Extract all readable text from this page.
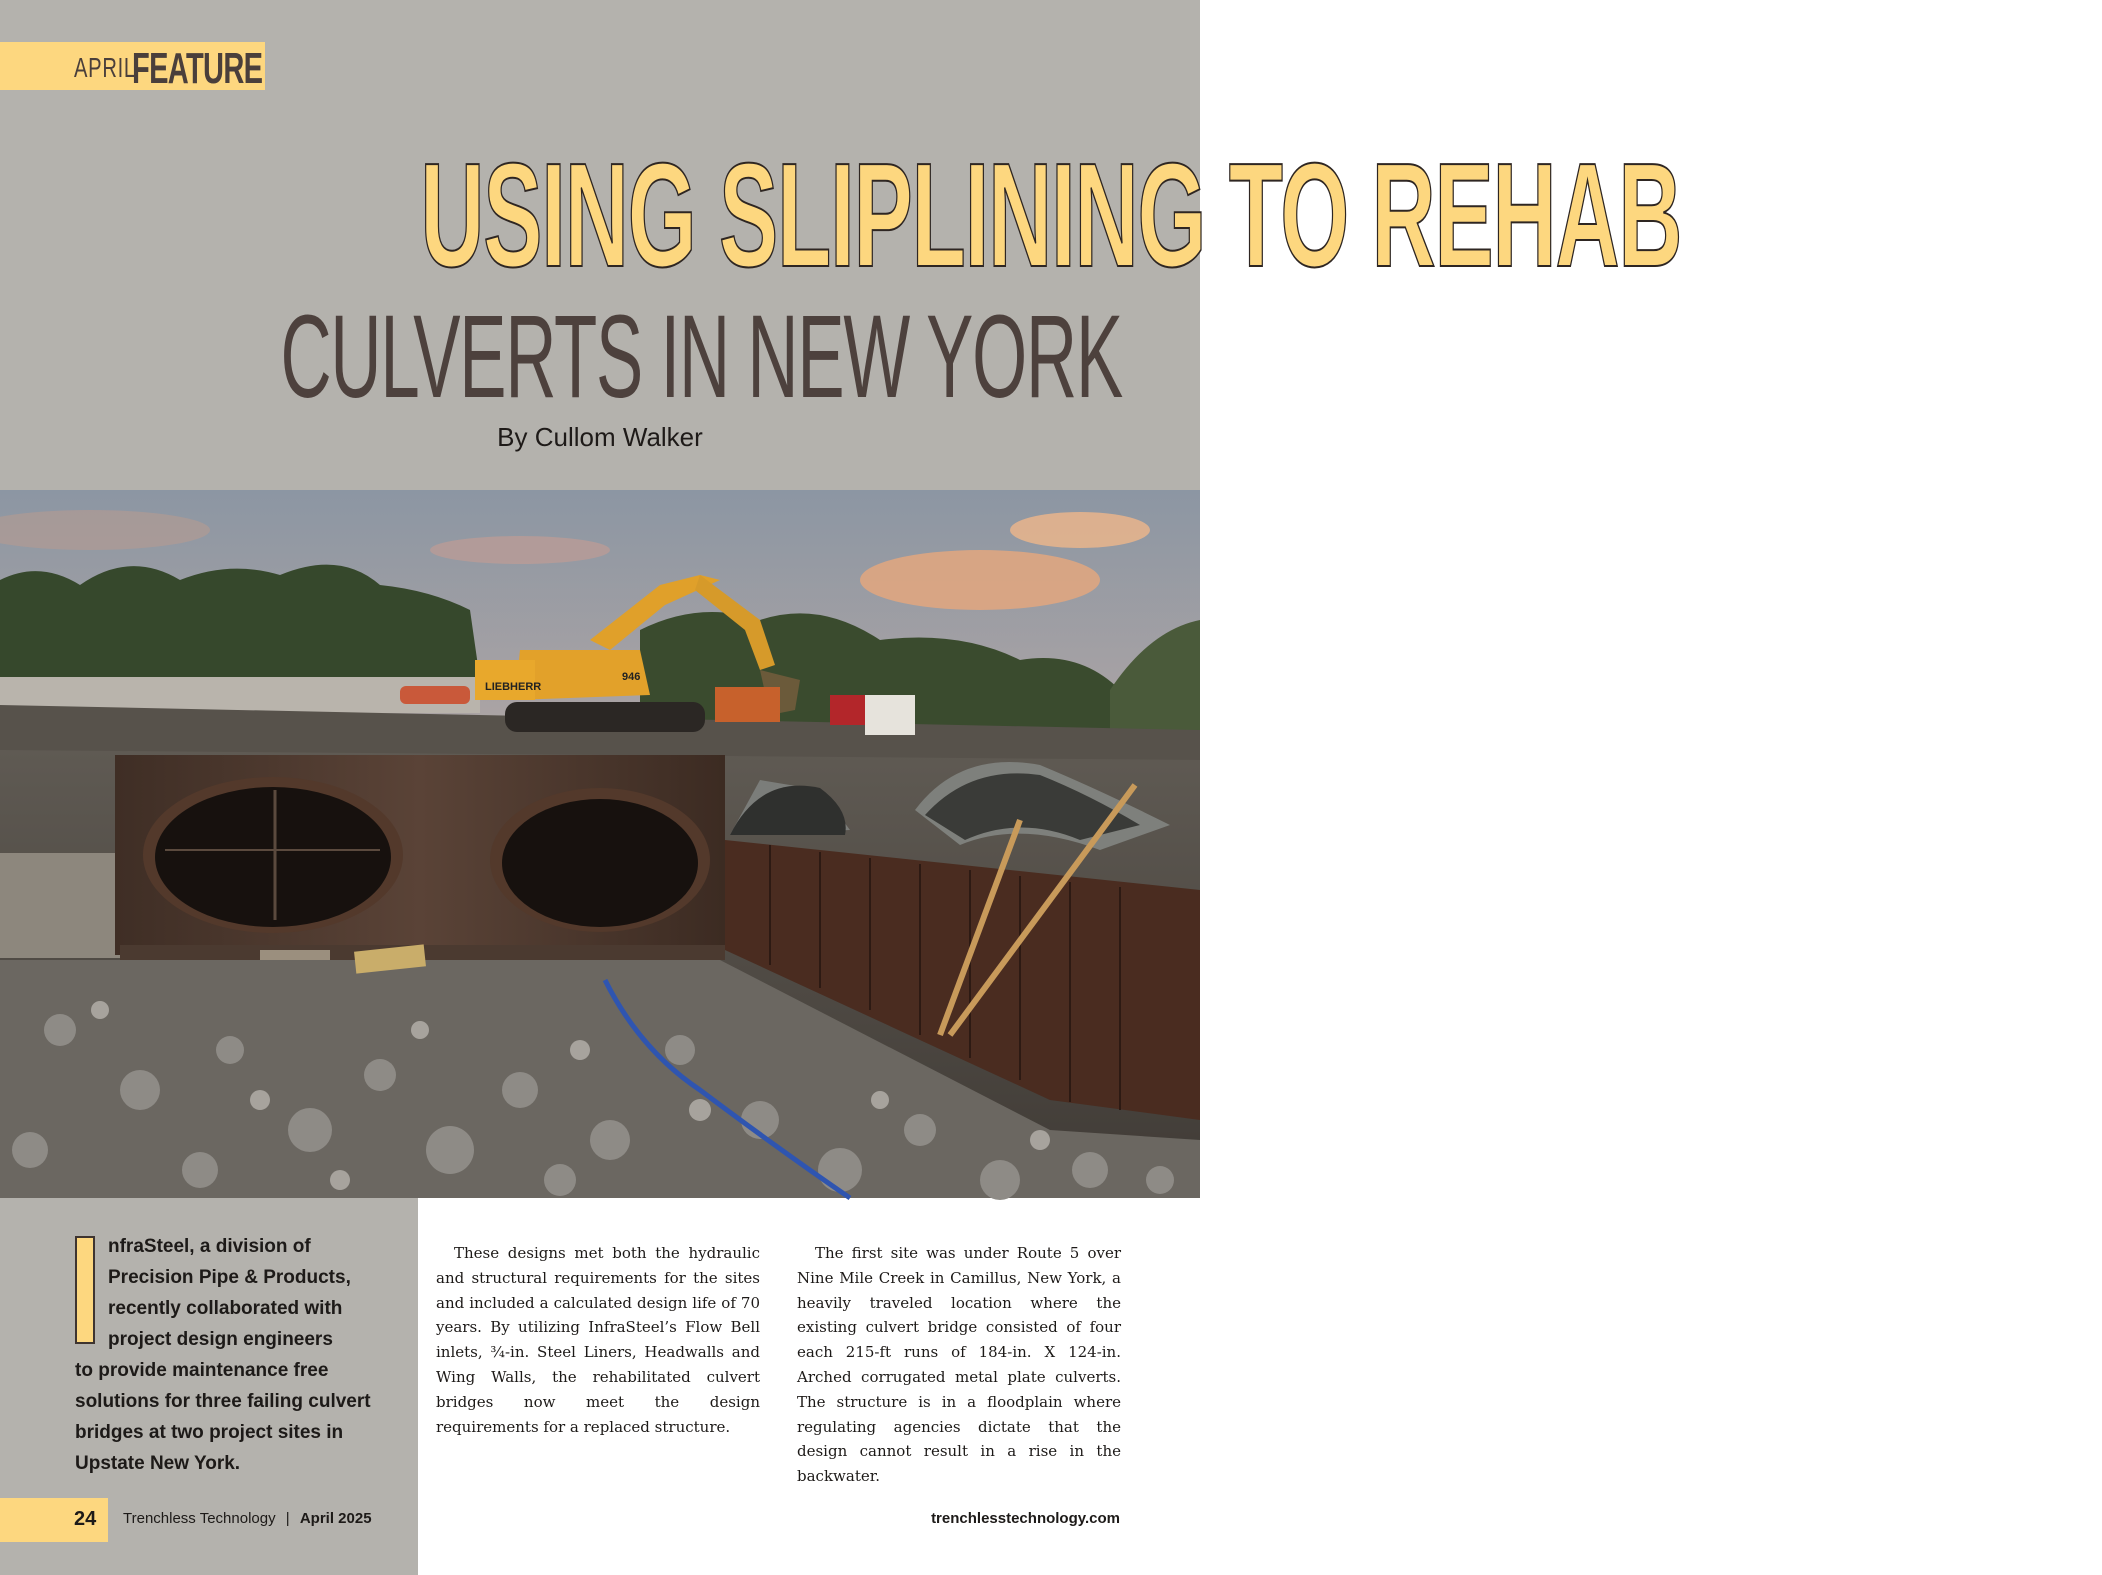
APRIL
FEATURE
USING SLIPLINING TO REHAB
CULVERTS IN NEW YORK
By Cullom Walker
LIEBHERR
946
nfraSteel, a division of
Precision Pipe & Products,
recently collaborated with
project design engineers
to provide maintenance free
solutions for three failing culvert
bridges at two project sites in
Upstate New York.

These designs met both the hydraulic and structural requirements for the sites and included a calculated design life of 70 years. By utilizing InfraSteel’s Flow Bell inlets, ¾-in. Steel Liners, Headwalls and Wing Walls, the rehabilitated culvert bridges now meet the design requirements for a replaced structure.

The first site was under Route 5 over Nine Mile Creek in Camillus, New York, a heavily traveled location where the existing culvert bridge consisted of four each 215-ft runs of 184-in. X 124-in. Arched corrugated metal plate culverts. The structure is in a floodplain where regulating agencies dictate that the design cannot result in a rise in the backwater.

24 Trenchless Technology | April 2025	trenchlesstechnology.com
